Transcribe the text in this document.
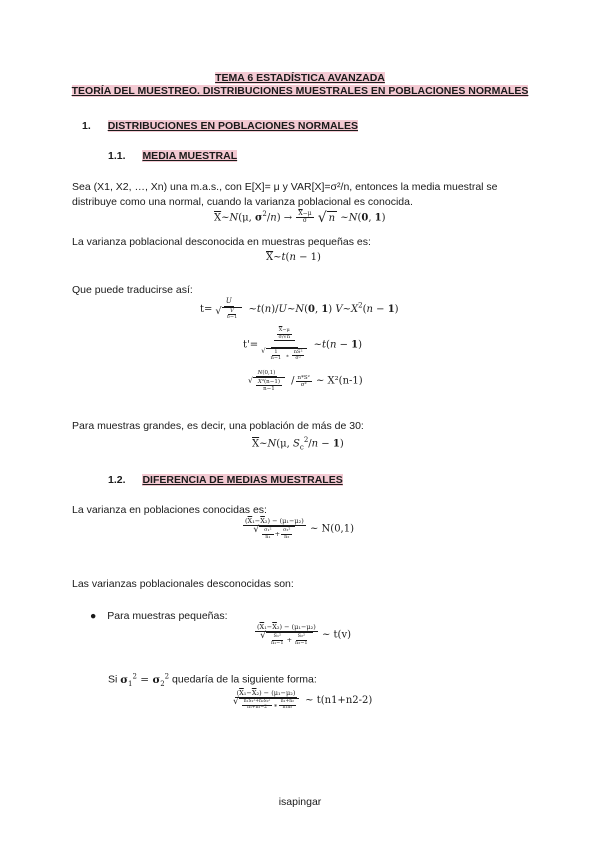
TEMA 6 ESTADÍSTICA AVANZADA
TEORÍA DEL MUESTREO. DISTRIBUCIONES MUESTRALES EN POBLACIONES NORMALES
1. DISTRIBUCIONES EN POBLACIONES NORMALES
1.1. MEDIA MUESTRAL
Sea (X1, X2, …, Xn) una m.a.s., con E[X]= μ y VAR[X]=σ²/n, entonces la media muestral se
distribuye como una normal, cuando la varianza poblacional es conocida.
$\overline{X}\sim N(\mu$, $\sigma^2/n) \to \frac{\overline{X}-\mu}{\sigma}$
√ n ~N(0, 1)
La varianza poblacional desconocida en muestras pequeñas es:
$\overline{X}\sim t(n - 1)$
Que puede traducirse así:
$t= \frac{U}{√ \frac{V}{n-1}}$ ~t(n)/U~N(0, 1) $V\sim X^2(n - 1)$
$t'= \frac{\frac{\overline{X}-\mu}{\sigma/√n}}{√ \frac{1}{n-1} ∗ \frac{\text{nS²}}{\text{σ²}}}$ ~t(n − 1)
$\frac{N(0,1)}{√ \frac{\text{X²(n−1)}}{n-1}} / \frac{\text{n*S²}}{\text{σ²}}$ ~ X²(n-1)
Para muestras grandes, es decir, una población de más de 30:
$\overline{X}\sim N(\mu$, $S_c^2/n - 1$)
1.2. DIFERENCIA DE MEDIAS MUESTRALES
La varianza en poblaciones conocidas es:
$\frac{(\overline{X}_1-\overline{X}_2) - (\mu_1-\mu_2)}{√ \frac{\text{σ₁²}}{\text{n₁}} + \frac{\text{σ₂²}}{\text{n₂}}}$ ~ N(0,1)
Las varianzas poblacionales desconocidas son:
● Para muestras pequeñas:
$\frac{(\overline{X}_1-\overline{X}_2) - (\mu_1-\mu_2)}{√ \frac{\text{S₁²}}{\text{n₁−1}} + \frac{\text{S₂²}}{\text{n₂−1}}}$ ~ t(v)
Si $\sigma_1^2 = \sigma_2^2$ quedaría de la siguiente forma:
$\frac{(\overline{X}_1-\overline{X}_2) - (\mu_1-\mu_2)}{√ \frac{\text{n₁S₁²+n₂S₂²}}{\text{n₁+n₂−2}} ∗ \frac{\text{n₁+n₂}}{\text{n₁n₂}}}$ ~ t(n1+n2-2)
isapingar
